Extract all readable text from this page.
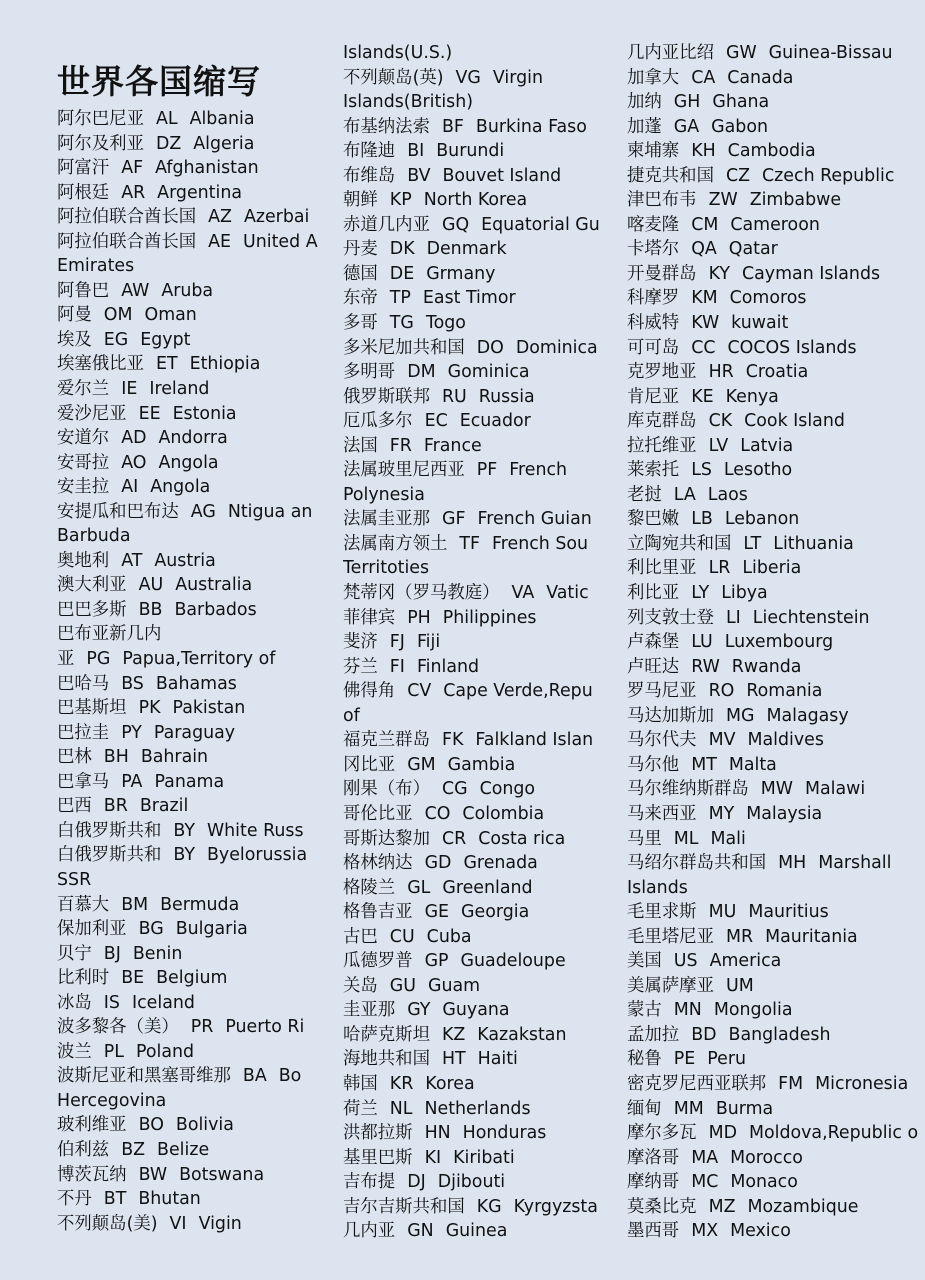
世界各国缩写
阿尔巴尼亚 AL Albania
阿尔及利亚 DZ Algeria
阿富汗 AF Afghanistan
阿根廷 AR Argentina
阿拉伯联合酋长国 AZ Azerbai
阿拉伯联合酋长国 AE United A
Emirates
阿鲁巴 AW Aruba
阿曼 OM Oman
埃及 EG Egypt
埃塞俄比亚 ET Ethiopia
爱尔兰 IE Ireland
爱沙尼亚 EE Estonia
安道尔 AD Andorra
安哥拉 AO Angola
安圭拉 AI Angola
安提瓜和巴布达 AG Ntigua an
Barbuda
奥地利 AT Austria
澳大利亚 AU Australia
巴巴多斯 BB Barbados
巴布亚新几内
亚 PG Papua,Territory of
巴哈马 BS Bahamas
巴基斯坦 PK Pakistan
巴拉圭 PY Paraguay
巴林 BH Bahrain
巴拿马 PA Panama
巴西 BR Brazil
白俄罗斯共和 BY White Russ
白俄罗斯共和 BY Byelorussia
SSR
百慕大 BM Bermuda
保加利亚 BG Bulgaria
贝宁 BJ Benin
比利时 BE Belgium
冰岛 IS Iceland
波多黎各（美） PR Puerto Ri
波兰 PL Poland
波斯尼亚和黑塞哥维那 BA Bo
Hercegovina
玻利维亚 BO Bolivia
伯利兹 BZ Belize
博茨瓦纳 BW Botswana
不丹 BT Bhutan
不列颠岛(美) VI Vigin
Islands(U.S.)
不列颠岛(英) VG Virgin
Islands(British)
布基纳法索 BF Burkina Faso
布隆迪 BI Burundi
布维岛 BV Bouvet Island
朝鲜 KP North Korea
赤道几内亚 GQ Equatorial Gu
丹麦 DK Denmark
德国 DE Grmany
东帝 TP East Timor
多哥 TG Togo
多米尼加共和国 DO Dominica
多明哥 DM Gominica
俄罗斯联邦 RU Russia
厄瓜多尔 EC Ecuador
法国 FR France
法属玻里尼西亚 PF French
Polynesia
法属圭亚那 GF French Guian
法属南方领土 TF French Sou
Territoties
梵蒂冈（罗马教庭） VA Vatic
菲律宾 PH Philippines
斐济 FJ Fiji
芬兰 FI Finland
佛得角 CV Cape Verde,Repu
of
福克兰群岛 FK Falkland Islan
冈比亚 GM Gambia
刚果（布） CG Congo
哥伦比亚 CO Colombia
哥斯达黎加 CR Costa rica
格林纳达 GD Grenada
格陵兰 GL Greenland
格鲁吉亚 GE Georgia
古巴 CU Cuba
瓜德罗普 GP Guadeloupe
关岛 GU Guam
圭亚那 GY Guyana
哈萨克斯坦 KZ Kazakstan
海地共和国 HT Haiti
韩国 KR Korea
荷兰 NL Netherlands
洪都拉斯 HN Honduras
基里巴斯 KI Kiribati
吉布提 DJ Djibouti
吉尔吉斯共和国 KG Kyrgyzsta
几内亚 GN Guinea
几内亚比绍 GW Guinea-Bissau
加拿大 CA Canada
加纳 GH Ghana
加蓬 GA Gabon
柬埔寨 KH Cambodia
捷克共和国 CZ Czech Republic
津巴布韦 ZW Zimbabwe
喀麦隆 CM Cameroon
卡塔尔 QA Qatar
开曼群岛 KY Cayman Islands
科摩罗 KM Comoros
科威特 KW kuwait
可可岛 CC COCOS Islands
克罗地亚 HR Croatia
肯尼亚 KE Kenya
库克群岛 CK Cook Island
拉托维亚 LV Latvia
莱索托 LS Lesotho
老挝 LA Laos
黎巴嫩 LB Lebanon
立陶宛共和国 LT Lithuania
利比里亚 LR Liberia
利比亚 LY Libya
列支敦士登 LI Liechtenstein
卢森堡 LU Luxembourg
卢旺达 RW Rwanda
罗马尼亚 RO Romania
马达加斯加 MG Malagasy
马尔代夫 MV Maldives
马尔他 MT Malta
马尔维纳斯群岛 MW Malawi
马来西亚 MY Malaysia
马里 ML Mali
马绍尔群岛共和国 MH Marshall
Islands
毛里求斯 MU Mauritius
毛里塔尼亚 MR Mauritania
美国 US America
美属萨摩亚 UM
蒙古 MN Mongolia
孟加拉 BD Bangladesh
秘鲁 PE Peru
密克罗尼西亚联邦 FM Micronesia
缅甸 MM Burma
摩尔多瓦 MD Moldova,Republic o
摩洛哥 MA Morocco
摩纳哥 MC Monaco
莫桑比克 MZ Mozambique
墨西哥 MX Mexico
